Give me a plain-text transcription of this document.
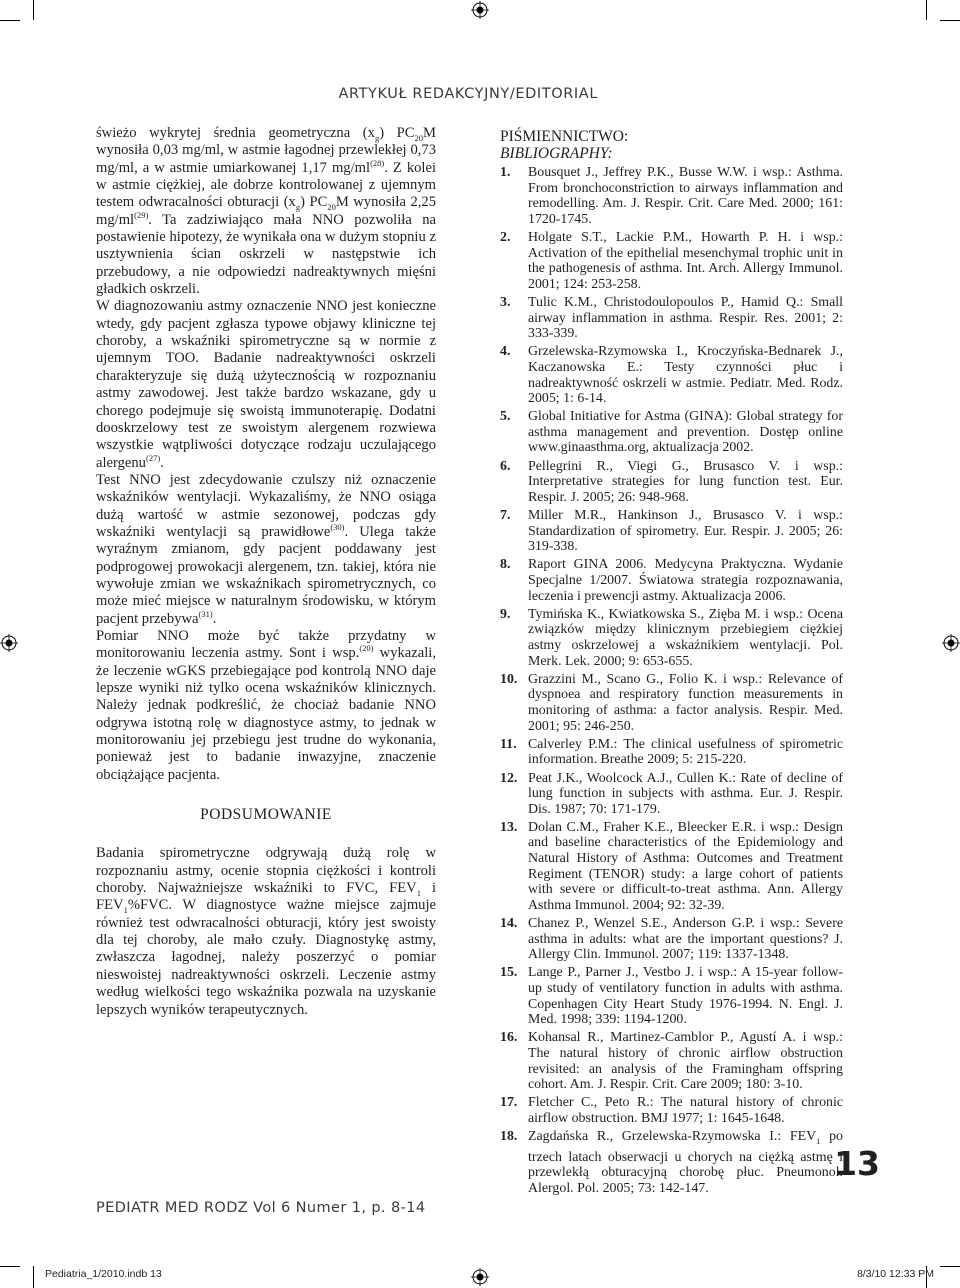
ARTYKUŁ REDAKCYJNY/EDITORIAL

świeżo wykrytej średnia geometryczna $(x_g)$ $PC_{20}M$ wynosiła 0,03 mg/ml, w astmie łagodnej przewlekłej 0,73 mg/ml, a w astmie umiarkowanej 1,17 $mg/ml^{(28)}$. Z kolei w astmie ciężkiej, ale dobrze kontrolowanej z ujemnym testem odwracalności obturacji $(x_g)$ $PC_{20}M$ wynosiła 2,25 $mg/ml^{(29)}$. Ta zadziwiająco mała NNO pozwoliła na postawienie hipotezy, że wynikała ona w dużym stopniu z usztywnienia ścian oskrzeli w następstwie ich przebudowy, a nie odpowiedzi nadreaktywnych mięśni gładkich oskrzeli.

W diagnozowaniu astmy oznaczenie NNO jest konieczne wtedy, gdy pacjent zgłasza typowe objawy kliniczne tej choroby, a wskaźniki spirometryczne są w normie z ujemnym TOO. Badanie nadreaktywności oskrzeli charakteryzuje się dużą użytecznością w rozpoznaniu astmy zawodowej. Jest także bardzo wskazane, gdy u chorego podejmuje się swoistą immunoterapię. Dodatni dooskrzelowy test ze swoistym alergenem rozwiewa wszystkie wątpliwości dotyczące rodzaju uczulającego alergenu$^{(27)}$.

Test NNO jest zdecydowanie czulszy niż oznaczenie wskaźników wentylacji. Wykazaliśmy, że NNO osiąga dużą wartość w astmie sezonowej, podczas gdy wskaźniki wentylacji są prawidłowe$^{(30)}$. Ulega także wyraźnym zmianom, gdy pacjent poddawany jest podprogowej prowokacji alergenem, tzn. takiej, która nie wywołuje zmian we wskaźnikach spirometrycznych, co może mieć miejsce w naturalnym środowisku, w którym pacjent przebywa$^{(31)}$.

Pomiar NNO może być także przydatny w monitorowaniu leczenia astmy. Sont i wsp.$^{(20)}$ wykazali, że leczenie wGKS przebiegające pod kontrolą NNO daje lepsze wyniki niż tylko ocena wskaźników klinicznych. Należy jednak podkreślić, że chociaż badanie NNO odgrywa istotną rolę w diagnostyce astmy, to jednak w monitorowaniu jej przebiegu jest trudne do wykonania, ponieważ jest to badanie inwazyjne, znaczenie obciążające pacjenta.

PODSUMOWANIE

Badania spirometryczne odgrywają dużą rolę w rozpoznaniu astmy, ocenie stopnia ciężkości i kontroli choroby. Najważniejsze wskaźniki to FVC, $FEV_1$ i $FEV_1\%FVC$. W diagnostyce ważne miejsce zajmuje również test odwracalności obturacji, który jest swoisty dla tej choroby, ale mało czuły. Diagnostykę astmy, zwłaszcza łagodnej, należy poszerzyć o pomiar nieswoistej nadreaktywności oskrzeli. Leczenie astmy według wielkości tego wskaźnika pozwala na uzyskanie lepszych wyników terapeutycznych.

PIŚMIENNICTWO:
BIBLIOGRAPHY:
1.	Bousquet J., Jeffrey P.K., Busse W.W. i wsp.: Asthma. From bronchoconstriction to airways inflammation and remodelling. Am. J. Respir. Crit. Care Med. 2000; 161: 1720-1745.
2.	Holgate S.T., Lackie P.M., Howarth P. H. i wsp.: Activation of the epithelial mesenchymal trophic unit in the pathogenesis of asthma. Int. Arch. Allergy Immunol. 2001; 124: 253-258.
3.	Tulic K.M., Christodoulopoulos P., Hamid Q.: Small airway inflammation in asthma. Respir. Res. 2001; 2: 333-339.
4.	Grzelewska-Rzymowska I., Kroczyńska-Bednarek J., Kaczanowska E.: Testy czynności płuc i nadreaktywność oskrzeli w astmie. Pediatr. Med. Rodz. 2005; 1: 6-14.
5.	Global Initiative for Astma (GINA): Global strategy for asthma management and prevention. Dostęp online www.ginaasthma.org, aktualizacja 2002.
6.	Pellegrini R., Viegi G., Brusasco V. i wsp.: Interpretative strategies for lung function test. Eur. Respir. J. 2005; 26: 948-968.
7.	Miller M.R., Hankinson J., Brusasco V. i wsp.: Standardization of spirometry. Eur. Respir. J. 2005; 26: 319-338.
8.	Raport GINA 2006. Medycyna Praktyczna. Wydanie Specjalne 1/2007. Światowa strategia rozpoznawania, leczenia i prewencji astmy. Aktualizacja 2006.
9.	Tymińska K., Kwiatkowska S., Zięba M. i wsp.: Ocena związków między klinicznym przebiegiem ciężkiej astmy oskrzelowej a wskaźnikiem wentylacji. Pol. Merk. Lek. 2000; 9: 653-655.
10. Grazzini M., Scano G., Folio K. i wsp.: Relevance of dyspnoea and respiratory function measurements in monitoring of asthma: a factor analysis. Respir. Med. 2001; 95: 246-250.
11. Calverley P.M.: The clinical usefulness of spirometric information. Breathe 2009; 5: 215-220.
12. Peat J.K., Woolcock A.J., Cullen K.: Rate of decline of lung function in subjects with asthma. Eur. J. Respir. Dis. 1987; 70: 171-179.
13. Dolan C.M., Fraher K.E., Bleecker E.R. i wsp.: Design and baseline characteristics of the Epidemiology and Natural History of Asthma: Outcomes and Treatment Regiment (TENOR) study: a large cohort of patients with severe or difficult-to-treat asthma. Ann. Allergy Asthma Immunol. 2004; 92: 32-39.
14. Chanez P., Wenzel S.E., Anderson G.P. i wsp.: Severe asthma in adults: what are the important questions? J. Allergy Clin. Immunol. 2007; 119: 1337-1348.
15. Lange P., Parner J., Vestbo J. i wsp.: A 15-year follow-up study of ventilatory function in adults with asthma. Copenhagen City Heart Study 1976-1994. N. Engl. J. Med. 1998; 339: 1194-1200.
16. Kohansal R., Martinez-Camblor P., Agustí A. i wsp.: The natural history of chronic airflow obstruction revisited: an analysis of the Framingham offspring cohort. Am. J. Respir. Crit. Care 2009; 180: 3-10.
17. Fletcher C., Peto R.: The natural history of chronic airflow obstruction. BMJ 1977; 1: 1645-1648.
18. Zagdańska R., Grzelewska-Rzymowska I.: $FEV_1$ po trzech latach obserwacji u chorych na ciężką astmę i przewlekłą obturacyjną chorobę płuc. Pneumonol. Alergol. Pol. 2005; 73: 142-147.
13
PEDIATR MED RODZ Vol 6 Numer 1, p. 8-14
Pediatria_1/2010.indb 13	8/3/10 12:33 PM
